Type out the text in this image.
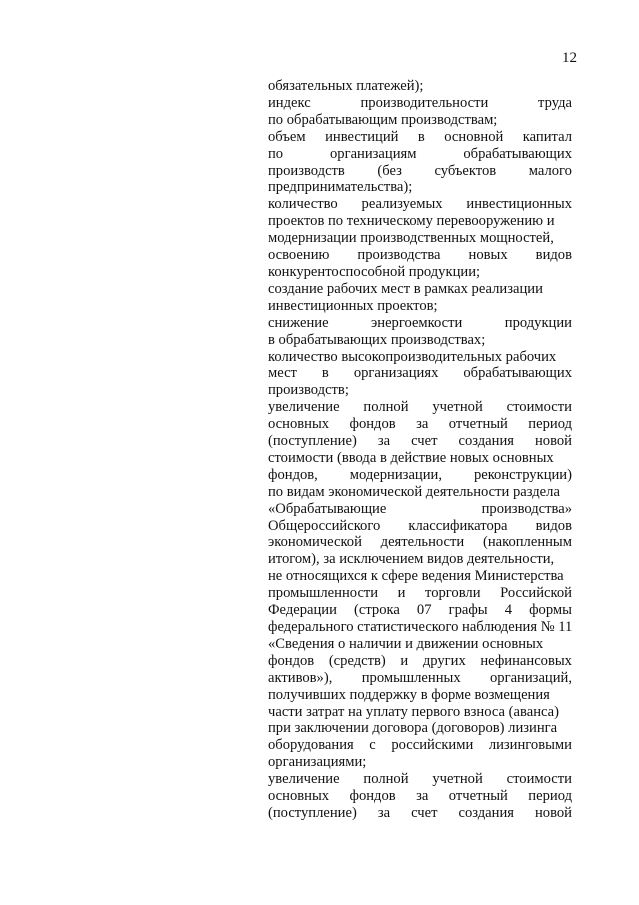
12
обязательных платежей);
индекс	производительности	труда
по обрабатывающим производствам;
объем инвестиций в основной капитал
по	организациям	обрабатывающих
производств (без субъектов малого
предпринимательства);
количество реализуемых инвестиционных
проектов по техническому перевооружению и
модернизации производственных мощностей,
освоению производства новых видов
конкурентоспособной продукции;
создание рабочих мест в рамках реализации
инвестиционных проектов;
снижение	энергоемкости	продукции
в обрабатывающих производствах;
количество высокопроизводительных рабочих
мест в организациях обрабатывающих
производств;
увеличение полной учетной стоимости
основных фондов за отчетный период
(поступление) за счет создания новой
стоимости (ввода в действие новых основных
фондов, модернизации, реконструкции)
по видам экономической деятельности раздела
«Обрабатывающие	производства»
Общероссийского классификатора видов
экономической деятельности (накопленным
итогом), за исключением видов деятельности,
не относящихся к сфере ведения Министерства
промышленности и торговли Российской
Федерации (строка 07 графы 4 формы
федерального статистического наблюдения № 11
«Сведения о наличии и движении основных
фондов (средств) и других нефинансовых
активов»), промышленных организаций,
получивших поддержку в форме возмещения
части затрат на уплату первого взноса (аванса)
при заключении договора (договоров) лизинга
оборудования с российскими лизинговыми
организациями;
увеличение полной учетной стоимости
основных фондов за отчетный период
(поступление) за счет создания новой
